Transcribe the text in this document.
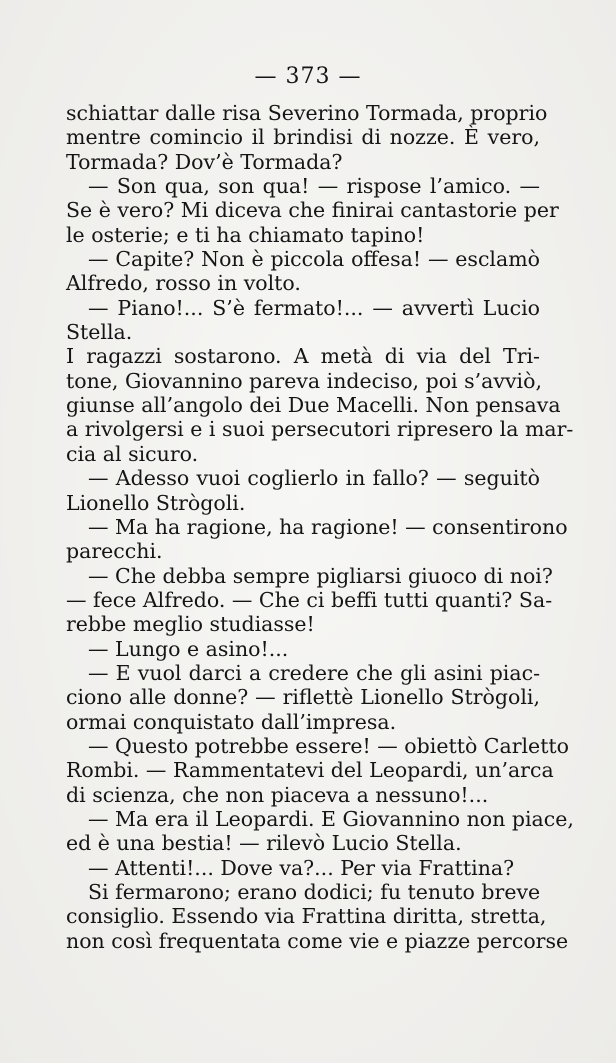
— 373 —
schiattar dalle risa Severino Tormada, proprio
mentre comincio il brindisi di nozze. È vero,
Tormada? Dov’è Tormada?
— Son qua, son qua! — rispose l’amico. —
Se è vero? Mi diceva che finirai cantastorie per
le osterie; e ti ha chiamato tapino!
— Capite? Non è piccola offesa! — esclamò
Alfredo, rosso in volto.
— Piano!... S’è fermato!... — avvertì Lucio
Stella.
I ragazzi sostarono. A metà di via del Tri-
tone, Giovannino pareva indeciso, poi s’avviò,
giunse all’angolo dei Due Macelli. Non pensava
a rivolgersi e i suoi persecutori ripresero la mar-
cia al sicuro.
— Adesso vuoi coglierlo in fallo? — seguitò
Lionello Strògoli.
— Ma ha ragione, ha ragione! — consentirono
parecchi.
— Che debba sempre pigliarsi giuoco di noi?
— fece Alfredo. — Che ci beffi tutti quanti? Sa-
rebbe meglio studiasse!
— Lungo e asino!...
— E vuol darci a credere che gli asini piac-
ciono alle donne? — riflettè Lionello Strògoli,
ormai conquistato dall’impresa.
— Questo potrebbe essere! — obiettò Carletto
Rombi. — Rammentatevi del Leopardi, un’arca
di scienza, che non piaceva a nessuno!...
— Ma era il Leopardi. E Giovannino non piace,
ed è una bestia! — rilevò Lucio Stella.
— Attenti!... Dove va?... Per via Frattina?
Si fermarono; erano dodici; fu tenuto breve
consiglio. Essendo via Frattina diritta, stretta,
non così frequentata come vie e piazze percorse
